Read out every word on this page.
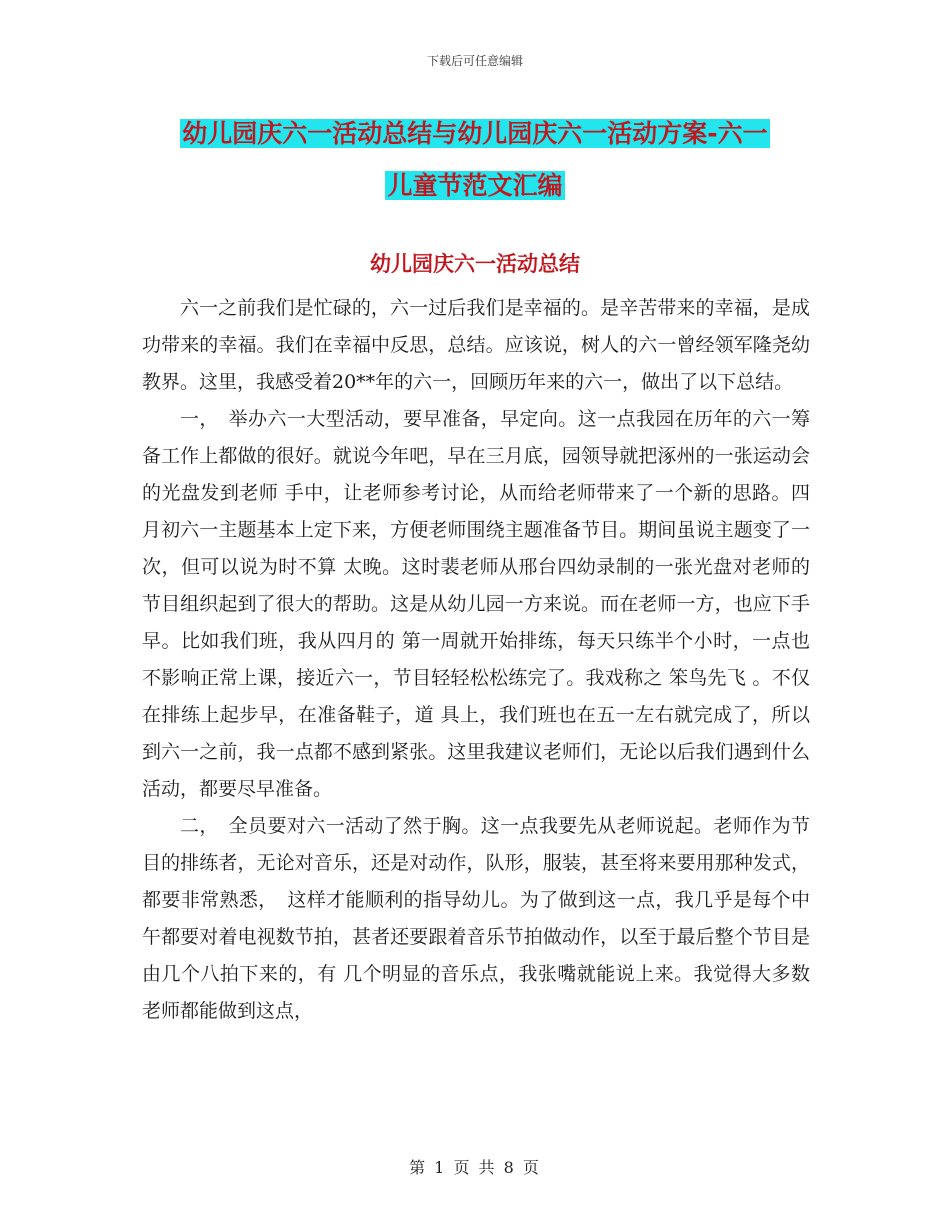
下载后可任意编辑
幼儿园庆六一活动总结与幼儿园庆六一活动方案-六一
儿童节范文汇编
幼儿园庆六一活动总结

六一之前我们是忙碌的，六一过后我们是幸福的。是辛苦带来的幸福，是成功带来的幸福。我们在幸福中反思，总结。应该说，树人的六一曾经领军隆尧幼教界。这里，我感受着20**年的六一，回顾历年来的六一，做出了以下总结。

一，　举办六一大型活动，要早准备，早定向。这一点我园在历年的六一筹备工作上都做的很好。就说今年吧，早在三月底，园领导就把涿州的一张运动会的光盘发到老师 手中，让老师参考讨论，从而给老师带来了一个新的思路。四月初六一主题基本上定下来，方便老师围绕主题准备节目。期间虽说主题变了一次，但可以说为时不算 太晚。这时裴老师从邢台四幼录制的一张光盘对老师的节目组织起到了很大的帮助。这是从幼儿园一方来说。而在老师一方，也应下手早。比如我们班，我从四月的 第一周就开始排练，每天只练半个小时，一点也不影响正常上课，接近六一，节目轻轻松松练完了。我戏称之 笨鸟先飞 。不仅在排练上起步早，在准备鞋子，道 具上，我们班也在五一左右就完成了，所以到六一之前，我一点都不感到紧张。这里我建议老师们，无论以后我们遇到什么活动，都要尽早准备。

二，　全员要对六一活动了然于胸。这一点我要先从老师说起。老师作为节目的排练者，无论对音乐，还是对动作，队形，服装，甚至将来要用那种发式，都要非常熟悉，　这样才能顺利的指导幼儿。为了做到这一点，我几乎是每个中午都要对着电视数节拍，甚者还要跟着音乐节拍做动作，以至于最后整个节目是由几个八拍下来的，有 几个明显的音乐点，我张嘴就能说上来。我觉得大多数老师都能做到这点，

第 1 页 共 8 页
